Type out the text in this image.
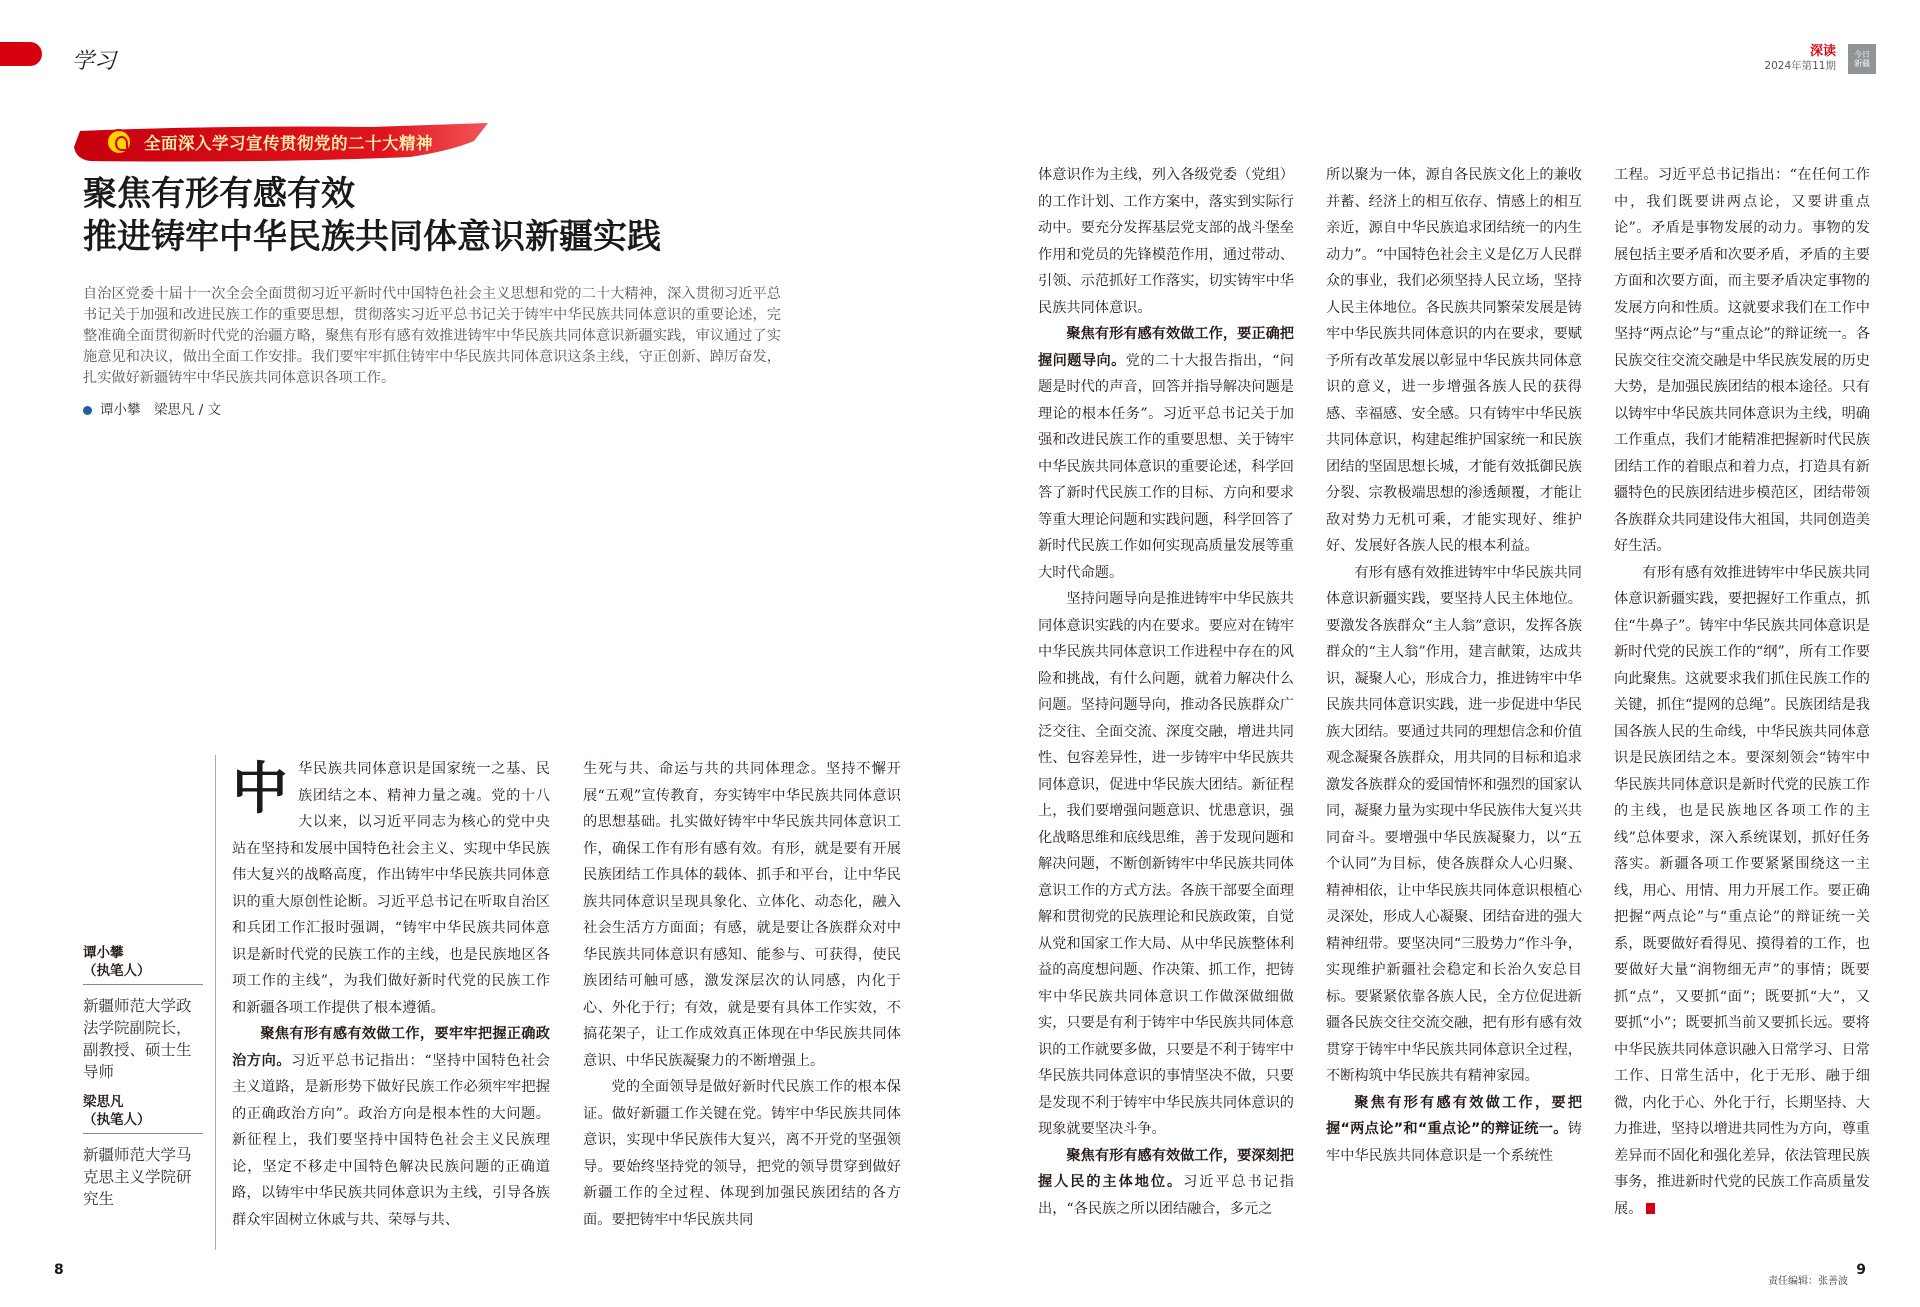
学习	深读
2024年第11期
今日
新疆
全面深入学习宣传贯彻党的二十大精神
聚焦有形有感有效
推进铸牢中华民族共同体意识新疆实践
自治区党委十届十一次全会全面贯彻习近平新时代中国特色社会主义思想和党的二十大精神，深入贯彻习近平总书记关于加强和改进民族工作的重要思想，贯彻落实习近平总书记关于铸牢中华民族共同体意识的重要论述，完整准确全面贯彻新时代党的治疆方略，聚焦有形有感有效推进铸牢中华民族共同体意识新疆实践，审议通过了实施意见和决议，做出全面工作安排。我们要牢牢抓住铸牢中华民族共同体意识这条主线，守正创新、踔厉奋发，扎实做好新疆铸牢中华民族共同体意识各项工作。
谭小攀　梁思凡 / 文
谭小攀
（执笔人）
新疆师范大学政法学院副院长，副教授、硕士生导师
梁思凡
（执笔人）
新疆师范大学马克思主义学院研究生
中 华民族共同体意识是国家统一之基、民族团结之本、精神力量之魂。党的十八大以来，以习近平同志为核心的党中央站在坚持和发展中国特色社会主义、实现中华民族伟大复兴的战略高度，作出铸牢中华民族共同体意识的重大原创性论断。习近平总书记在听取自治区和兵团工作汇报时强调，“铸牢中华民族共同体意识是新时代党的民族工作的主线，也是民族地区各项工作的主线”，为我们做好新时代党的民族工作和新疆各项工作提供了根本遵循。

聚焦有形有感有效做工作，要牢牢把握正确政治方向。习近平总书记指出：“坚持中国特色社会主义道路，是新形势下做好民族工作必须牢牢把握的正确政治方向”。政治方向是根本性的大问题。新征程上，我们要坚持中国特色社会主义民族理论，坚定不移走中国特色解决民族问题的正确道路，以铸牢中华民族共同体意识为主线，引导各族群众牢固树立休戚与共、荣辱与共、

生死与共、命运与共的共同体理念。坚持不懈开展“五观”宣传教育，夯实铸牢中华民族共同体意识的思想基础。扎实做好铸牢中华民族共同体意识工作，确保工作有形有感有效。有形，就是要有开展民族团结工作具体的载体、抓手和平台，让中华民族共同体意识呈现具象化、立体化、动态化，融入社会生活方方面面；有感，就是要让各族群众对中华民族共同体意识有感知、能参与、可获得，使民族团结可触可感，激发深层次的认同感，内化于心、外化于行；有效，就是要有具体工作实效，不搞花架子，让工作成效真正体现在中华民族共同体意识、中华民族凝聚力的不断增强上。

党的全面领导是做好新时代民族工作的根本保证。做好新疆工作关键在党。铸牢中华民族共同体意识，实现中华民族伟大复兴，离不开党的坚强领导。要始终坚持党的领导，把党的领导贯穿到做好新疆工作的全过程、体现到加强民族团结的各方面。要把铸牢中华民族共同

体意识作为主线，列入各级党委（党组）的工作计划、工作方案中，落实到实际行动中。要充分发挥基层党支部的战斗堡垒作用和党员的先锋模范作用，通过带动、引领、示范抓好工作落实，切实铸牢中华民族共同体意识。

聚焦有形有感有效做工作，要正确把握问题导向。党的二十大报告指出，“问题是时代的声音，回答并指导解决问题是理论的根本任务”。习近平总书记关于加强和改进民族工作的重要思想、关于铸牢中华民族共同体意识的重要论述，科学回答了新时代民族工作的目标、方向和要求等重大理论问题和实践问题，科学回答了新时代民族工作如何实现高质量发展等重大时代命题。

坚持问题导向是推进铸牢中华民族共同体意识实践的内在要求。要应对在铸牢中华民族共同体意识工作进程中存在的风险和挑战，有什么问题，就着力解决什么问题。坚持问题导向，推动各民族群众广泛交往、全面交流、深度交融，增进共同性、包容差异性，进一步铸牢中华民族共同体意识，促进中华民族大团结。新征程上，我们要增强问题意识、忧患意识，强化战略思维和底线思维，善于发现问题和解决问题，不断创新铸牢中华民族共同体意识工作的方式方法。各族干部要全面理解和贯彻党的民族理论和民族政策，自觉从党和国家工作大局、从中华民族整体利益的高度想问题、作决策、抓工作，把铸牢中华民族共同体意识工作做深做细做实，只要是有利于铸牢中华民族共同体意识的工作就要多做，只要是不利于铸牢中华民族共同体意识的事情坚决不做，只要是发现不利于铸牢中华民族共同体意识的现象就要坚决斗争。

聚焦有形有感有效做工作，要深刻把握人民的主体地位。习近平总书记指出，“各民族之所以团结融合，多元之

所以聚为一体，源自各民族文化上的兼收并蓄、经济上的相互依存、情感上的相互亲近，源自中华民族追求团结统一的内生动力”。“中国特色社会主义是亿万人民群众的事业，我们必须坚持人民立场，坚持人民主体地位。各民族共同繁荣发展是铸牢中华民族共同体意识的内在要求，要赋予所有改革发展以彰显中华民族共同体意识的意义，进一步增强各族人民的获得感、幸福感、安全感。只有铸牢中华民族共同体意识，构建起维护国家统一和民族团结的坚固思想长城，才能有效抵御民族分裂、宗教极端思想的渗透颠覆，才能让敌对势力无机可乘，才能实现好、维护好、发展好各族人民的根本利益。

有形有感有效推进铸牢中华民族共同体意识新疆实践，要坚持人民主体地位。要激发各族群众“主人翁”意识，发挥各族群众的“主人翁”作用，建言献策，达成共识，凝聚人心，形成合力，推进铸牢中华民族共同体意识实践，进一步促进中华民族大团结。要通过共同的理想信念和价值观念凝聚各族群众，用共同的目标和追求激发各族群众的爱国情怀和强烈的国家认同，凝聚力量为实现中华民族伟大复兴共同奋斗。要增强中华民族凝聚力，以“五个认同”为目标，使各族群众人心归聚、精神相依，让中华民族共同体意识根植心灵深处，形成人心凝聚、团结奋进的强大精神纽带。要坚决同“三股势力”作斗争，实现维护新疆社会稳定和长治久安总目标。要紧紧依靠各族人民，全方位促进新疆各民族交往交流交融，把有形有感有效贯穿于铸牢中华民族共同体意识全过程，不断构筑中华民族共有精神家园。

聚焦有形有感有效做工作，要把握“两点论”和“重点论”的辩证统一。铸牢中华民族共同体意识是一个系统性

工程。习近平总书记指出：“在任何工作中，我们既要讲两点论，又要讲重点论”。矛盾是事物发展的动力。事物的发展包括主要矛盾和次要矛盾，矛盾的主要方面和次要方面，而主要矛盾决定事物的发展方向和性质。这就要求我们在工作中坚持“两点论”与“重点论”的辩证统一。各民族交往交流交融是中华民族发展的历史大势，是加强民族团结的根本途径。只有以铸牢中华民族共同体意识为主线，明确工作重点，我们才能精准把握新时代民族团结工作的着眼点和着力点，打造具有新疆特色的民族团结进步模范区，团结带领各族群众共同建设伟大祖国，共同创造美好生活。

有形有感有效推进铸牢中华民族共同体意识新疆实践，要把握好工作重点，抓住“牛鼻子”。铸牢中华民族共同体意识是新时代党的民族工作的“纲”，所有工作要向此聚焦。这就要求我们抓住民族工作的关键，抓住“提网的总绳”。民族团结是我国各族人民的生命线，中华民族共同体意识是民族团结之本。要深刻领会“铸牢中华民族共同体意识是新时代党的民族工作的主线，也是民族地区各项工作的主线”总体要求，深入系统谋划，抓好任务落实。新疆各项工作要紧紧围绕这一主线，用心、用情、用力开展工作。要正确把握“两点论”与“重点论”的辩证统一关系，既要做好看得见、摸得着的工作，也要做好大量“润物细无声”的事情；既要抓“点”，又要抓“面”；既要抓“大”，又要抓“小”；既要抓当前又要抓长远。要将中华民族共同体意识融入日常学习、日常工作、日常生活中，化于无形、融于细微，内化于心、外化于行，长期坚持、大力推进，坚持以增进共同性为方向，尊重差异而不固化和强化差异，依法管理民族事务，推进新时代党的民族工作高质量发展。

8
责任编辑：张善波
9
